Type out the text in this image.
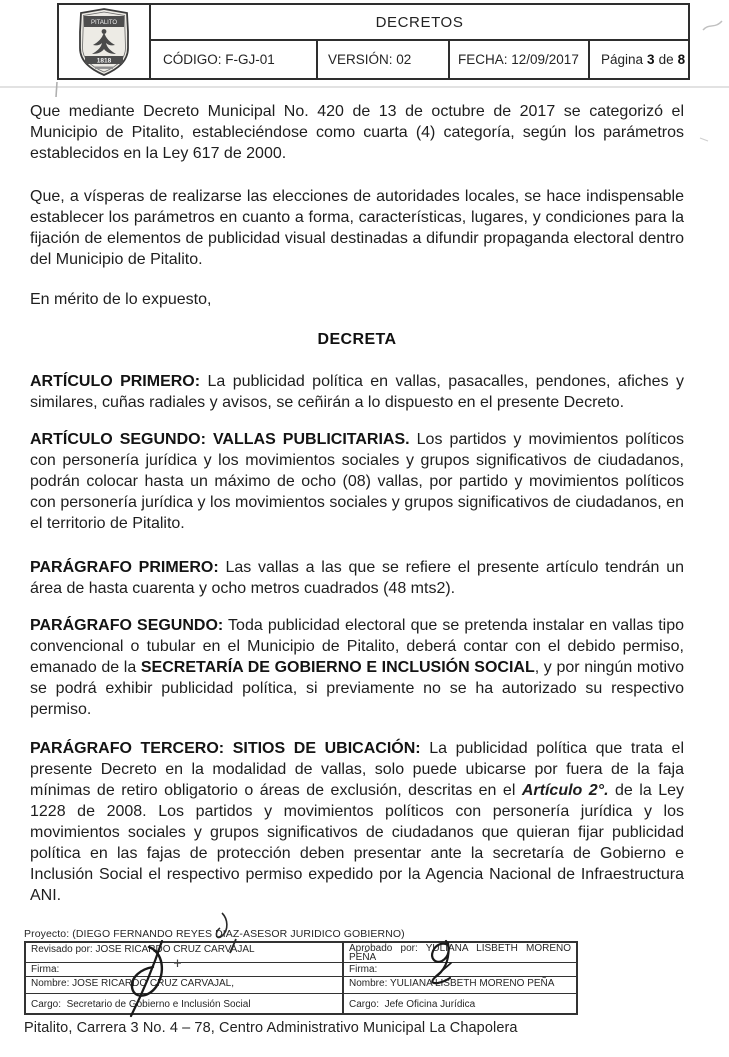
PITALITO
1818
DECRETOS
CÓDIGO: F-GJ-01	VERSIÓN: 02	FECHA: 12/09/2017	Página 3 de 8

Que mediante Decreto Municipal No. 420 de 13 de octubre de 2017 se categorizó el Municipio de Pitalito, estableciéndose como cuarta (4) categoría, según los parámetros establecidos en la Ley 617 de 2000.

Que, a vísperas de realizarse las elecciones de autoridades locales, se hace indispensable establecer los parámetros en cuanto a forma, características, lugares, y condiciones para la fijación de elementos de publicidad visual destinadas a difundir propaganda electoral dentro del Municipio de Pitalito.

En mérito de lo expuesto,

DECRETA

ARTÍCULO PRIMERO: La publicidad política en vallas, pasacalles, pendones, afiches y similares, cuñas radiales y avisos, se ceñirán a lo dispuesto en el presente Decreto.

ARTÍCULO SEGUNDO: VALLAS PUBLICITARIAS. Los partidos y movimientos políticos con personería jurídica y los movimientos sociales y grupos significativos de ciudadanos, podrán colocar hasta un máximo de ocho (08) vallas, por partido y movimientos políticos con personería jurídica y los movimientos sociales y grupos significativos de ciudadanos, en el territorio de Pitalito.

PARÁGRAFO PRIMERO: Las vallas a las que se refiere el presente artículo tendrán un área de hasta cuarenta y ocho metros cuadrados (48 mts2).

PARÁGRAFO SEGUNDO: Toda publicidad electoral que se pretenda instalar en vallas tipo convencional o tubular en el Municipio de Pitalito, deberá contar con el debido permiso, emanado de la SECRETARÍA DE GOBIERNO E INCLUSIÓN SOCIAL, y por ningún motivo se podrá exhibir publicidad política, si previamente no se ha autorizado su respectivo permiso.

PARÁGRAFO TERCERO: SITIOS DE UBICACIÓN: La publicidad política que trata el presente Decreto en la modalidad de vallas, solo puede ubicarse por fuera de la faja mínimas de retiro obligatorio o áreas de exclusión, descritas en el Artículo 2°. de la Ley 1228 de 2008. Los partidos y movimientos políticos con personería jurídica y los movimientos sociales y grupos significativos de ciudadanos que quieran fijar publicidad política en las fajas de protección deben presentar ante la secretaría de Gobierno e Inclusión Social el respectivo permiso expedido por la Agencia Nacional de Infraestructura ANI.

Proyecto: (DIEGO FERNANDO REYES DIAZ-ASESOR JURIDICO GOBIERNO)
Revisado por: JOSE RICARDO CRUZ CARVAJAL	Aprobado por: YULIANA LISBETH MORENO PEÑA
Firma:	Firma:
Nombre: JOSE RICARDO CRUZ CARVAJAL,	Nombre: YULIANA LISBETH MORENO PEÑA
Cargo:  Secretario de Gobierno e Inclusión Social	Cargo:  Jefe Oficina Jurídica
Pitalito, Carrera 3 No. 4 – 78, Centro Administrativo Municipal La Chapolera
